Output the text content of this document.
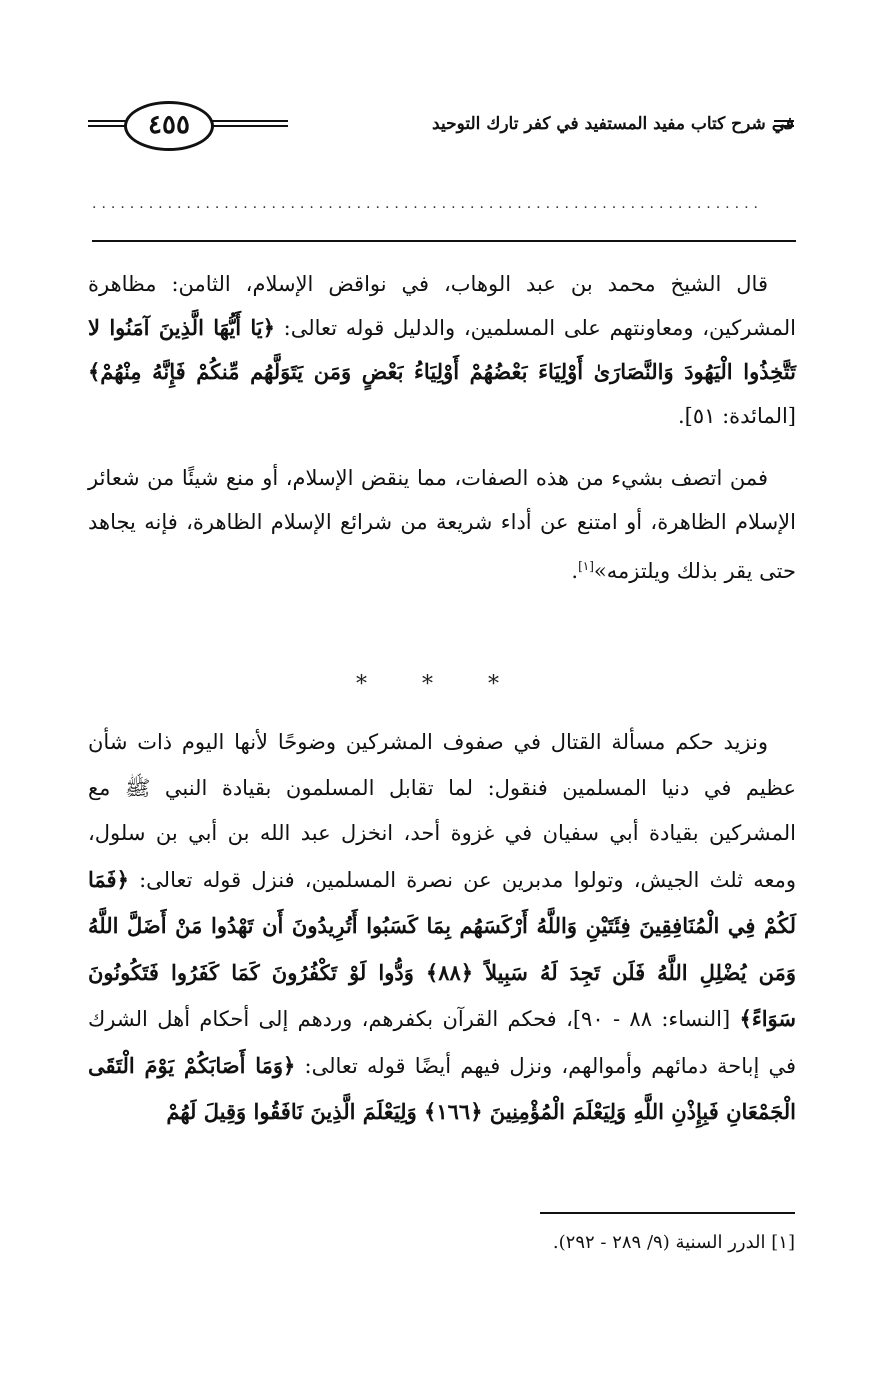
في شرح كتاب مفيد المستفيد في كفر تارك التوحيد
٤٥٥
.......................................................................

قال الشيخ محمد بن عبد الوهاب، في نواقض الإسلام، الثامن: مظاهرة المشركين، ومعاونتهم على المسلمين، والدليل قوله تعالى: ﴿يَا أَيُّهَا الَّذِينَ آمَنُوا لا تَتَّخِذُوا الْيَهُودَ وَالنَّصَارَىٰ أَوْلِيَاءَ بَعْضُهُمْ أَوْلِيَاءُ بَعْضٍ وَمَن يَتَوَلَّهُم مِّنكُمْ فَإِنَّهُ مِنْهُمْ﴾ [المائدة: ٥١].

فمن اتصف بشيء من هذه الصفات، مما ينقض الإسلام، أو منع شيئًا من شعائر الإسلام الظاهرة، أو امتنع عن أداء شريعة من شرائع الإسلام الظاهرة، فإنه يجاهد حتى يقر بذلك ويلتزمه»[١].

* * *

ونزيد حكم مسألة القتال في صفوف المشركين وضوحًا لأنها اليوم ذات شأن عظيم في دنيا المسلمين فنقول: لما تقابل المسلمون بقيادة النبي ﷺ مع المشركين بقيادة أبي سفيان في غزوة أحد، انخزل عبد الله بن أبي بن سلول، ومعه ثلث الجيش، وتولوا مدبرين عن نصرة المسلمين، فنزل قوله تعالى: ﴿فَمَا لَكُمْ فِي الْمُنَافِقِينَ فِئَتَيْنِ وَاللَّهُ أَرْكَسَهُم بِمَا كَسَبُوا أَتُرِيدُونَ أَن تَهْدُوا مَنْ أَضَلَّ اللَّهُ وَمَن يُضْلِلِ اللَّهُ فَلَن تَجِدَ لَهُ سَبِيلاً ﴿٨٨﴾ وَدُّوا لَوْ تَكْفُرُونَ كَمَا كَفَرُوا فَتَكُونُونَ سَوَاءً﴾ [النساء: ٨٨ - ٩٠]، فحكم القرآن بكفرهم، وردهم إلى أحكام أهل الشرك في إباحة دمائهم وأموالهم، ونزل فيهم أيضًا قوله تعالى: ﴿وَمَا أَصَابَكُمْ يَوْمَ الْتَقَى الْجَمْعَانِ فَبِإِذْنِ اللَّهِ وَلِيَعْلَمَ الْمُؤْمِنِينَ ﴿١٦٦﴾ وَلِيَعْلَمَ الَّذِينَ نَافَقُوا وَقِيلَ لَهُمْ

[١] الدرر السنية (٩/ ٢٨٩ - ٢٩٢).
